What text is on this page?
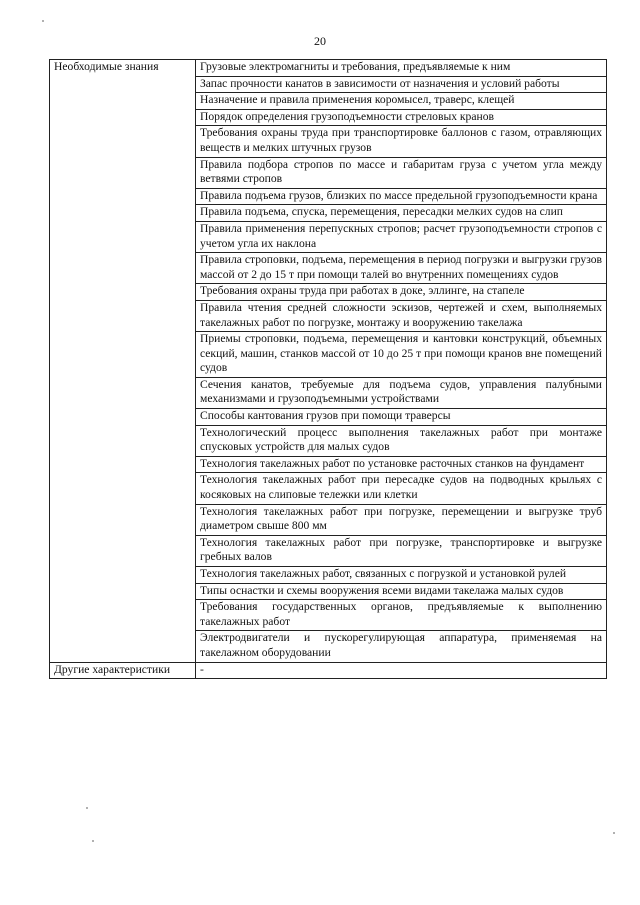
20
Необходимые знания	Грузовые электромагниты и требования, предъявляемые к ним
	Запас прочности канатов в зависимости от назначения и условий работы
	Назначение и правила применения коромысел, траверс, клещей
	Порядок определения грузоподъемности стреловых кранов
	Требования охраны труда при транспортировке баллонов с газом, отравляющих веществ и мелких штучных грузов
	Правила подбора стропов по массе и габаритам груза с учетом угла между ветвями стропов
	Правила подъема грузов, близких по массе предельной грузоподъемности крана
	Правила подъема, спуска, перемещения, пересадки мелких судов на слип
	Правила применения перепускных стропов; расчет грузоподъемности стропов с учетом угла их наклона
	Правила строповки, подъема, перемещения в период погрузки и выгрузки грузов массой от 2 до 15 т при помощи талей во внутренних помещениях судов
	Требования охраны труда при работах в доке, эллинге, на стапеле
	Правила чтения средней сложности эскизов, чертежей и схем, выполняемых такелажных работ по погрузке, монтажу и вооружению такелажа
	Приемы строповки, подъема, перемещения и кантовки конструкций, объемных секций, машин, станков массой от 10 до 25 т при помощи кранов вне помещений судов
	Сечения канатов, требуемые для подъема судов, управления палубными механизмами и грузоподъемными устройствами
	Способы кантования грузов при помощи траверсы
	Технологический процесс выполнения такелажных работ при монтаже спусковых устройств для малых судов
	Технология такелажных работ по установке расточных станков на фундамент
	Технология такелажных работ при пересадке судов на подводных крыльях с косяковых на слиповые тележки или клетки
	Технология такелажных работ при погрузке, перемещении и выгрузке труб диаметром свыше 800 мм
	Технология такелажных работ при погрузке, транспортировке и выгрузке гребных валов
	Технология такелажных работ, связанных с погрузкой и установкой рулей
	Типы оснастки и схемы вооружения всеми видами такелажа малых судов
	Требования государственных органов, предъявляемые к выполнению такелажных работ
	Электродвигатели и пускорегулирующая аппаратура, применяемая на такелажном оборудовании
Другие характеристики	-
